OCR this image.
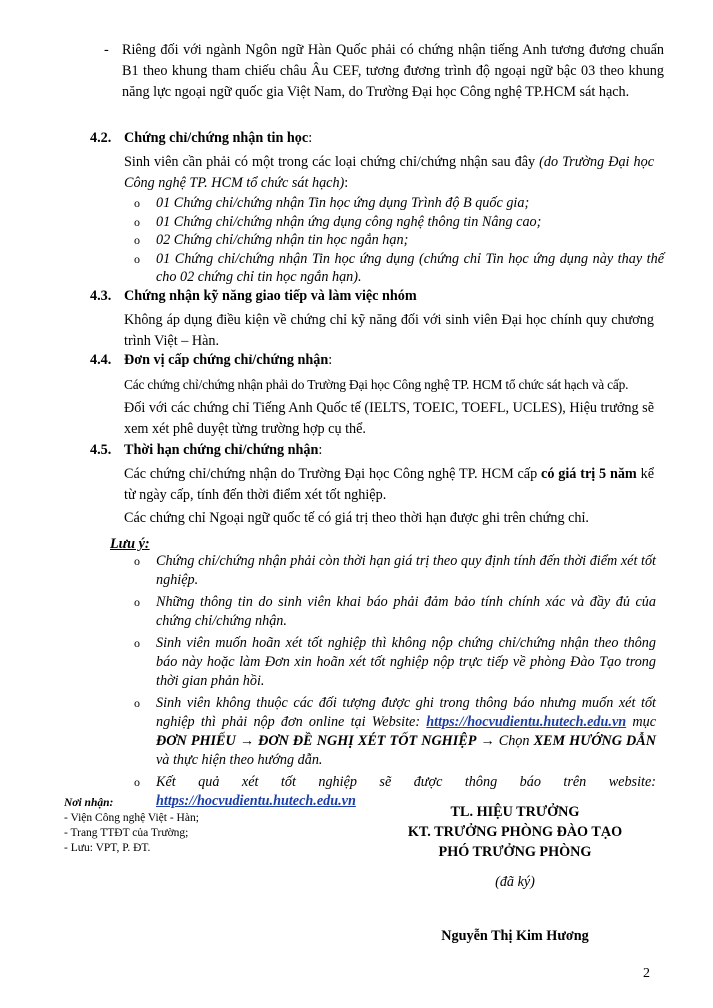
- Riêng đối với ngành Ngôn ngữ Hàn Quốc phải có chứng nhận tiếng Anh tương đương chuẩn B1 theo khung tham chiếu châu Âu CEF, tương đương trình độ ngoại ngữ bậc 03 theo khung năng lực ngoại ngữ quốc gia Việt Nam, do Trường Đại học Công nghệ TP.HCM sát hạch.
4.2. Chứng chỉ/chứng nhận tin học:
Sinh viên cần phải có một trong các loại chứng chỉ/chứng nhận sau đây (do Trường Đại học Công nghệ TP. HCM tổ chức sát hạch):
o 01 Chứng chỉ/chứng nhận Tin học ứng dụng Trình độ B quốc gia;
o 01 Chứng chỉ/chứng nhận ứng dụng công nghệ thông tin Nâng cao;
o 02 Chứng chỉ/chứng nhận tin học ngắn hạn;
o 01 Chứng chỉ/chứng nhận Tin học ứng dụng (chứng chỉ Tin học ứng dụng này thay thế cho 02 chứng chỉ tin học ngắn hạn).
4.3. Chứng nhận kỹ năng giao tiếp và làm việc nhóm
Không áp dụng điều kiện về chứng chỉ kỹ năng đối với sinh viên Đại học chính quy chương trình Việt – Hàn.
4.4. Đơn vị cấp chứng chỉ/chứng nhận:
Các chứng chỉ/chứng nhận phải do Trường Đại học Công nghệ TP. HCM tổ chức sát hạch và cấp.
Đối với các chứng chỉ Tiếng Anh Quốc tế (IELTS, TOEIC, TOEFL, UCLES), Hiệu trưởng sẽ xem xét phê duyệt từng trường hợp cụ thể.
4.5. Thời hạn chứng chỉ/chứng nhận:
Các chứng chỉ/chứng nhận do Trường Đại học Công nghệ TP. HCM cấp có giá trị 5 năm kể từ ngày cấp, tính đến thời điểm xét tốt nghiệp.
Các chứng chỉ Ngoại ngữ quốc tế có giá trị theo thời hạn được ghi trên chứng chỉ.
Lưu ý:
o Chứng chỉ/chứng nhận phải còn thời hạn giá trị theo quy định tính đến thời điểm xét tốt nghiệp.
o Những thông tin do sinh viên khai báo phải đảm bảo tính chính xác và đầy đủ của chứng chỉ/chứng nhận.
o Sinh viên muốn hoãn xét tốt nghiệp thì không nộp chứng chỉ/chứng nhận theo thông báo này hoặc làm Đơn xin hoãn xét tốt nghiệp nộp trực tiếp về phòng Đào Tạo trong thời gian phản hồi.
o Sinh viên không thuộc các đối tượng được ghi trong thông báo nhưng muốn xét tốt nghiệp thì phải nộp đơn online tại Website: https://hocvudientu.hutech.edu.vn mục ĐƠN PHIẾU → ĐƠN ĐỀ NGHỊ XÉT TỐT NGHIỆP → Chọn XEM HƯỚNG DẪN và thực hiện theo hướng dẫn.
o Kết quả xét tốt nghiệp sẽ được thông báo trên website:
https://hocvudientu.hutech.edu.vn
Nơi nhận:
- Viện Công nghệ Việt - Hàn;
- Trang TTĐT của Trường;
- Lưu: VPT, P. ĐT.
TL. HIỆU TRƯỞNG
KT. TRƯỞNG PHÒNG ĐÀO TẠO
PHÓ TRƯỞNG PHÒNG
(đã ký)
Nguyễn Thị Kim Hương
2
